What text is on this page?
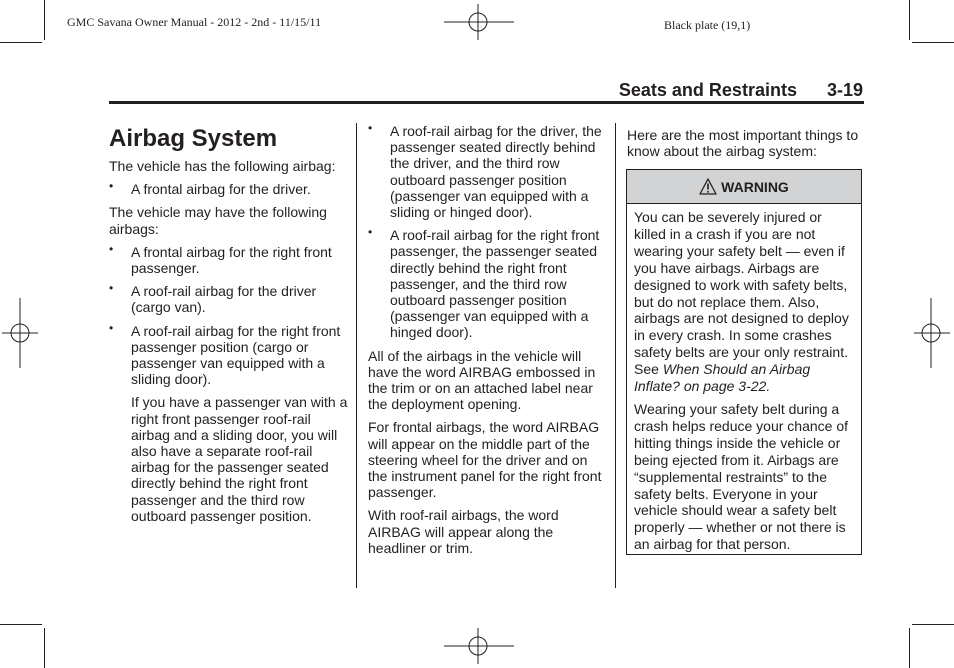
GMC Savana Owner Manual - 2012 - 2nd - 11/15/11	Black plate (19,1)
Seats and Restraints 3-19
Airbag System

The vehicle has the following airbag:

• A frontal airbag for the driver.

The vehicle may have the following airbags:

• A frontal airbag for the right front passenger.
• A roof-rail airbag for the driver (cargo van).
• A roof-rail airbag for the right front passenger position (cargo or passenger van equipped with a sliding door).
If you have a passenger van with a right front passenger roof-rail airbag and a sliding door, you will also have a separate roof-rail airbag for the passenger seated directly behind the right front passenger and the third row outboard passenger position.
• A roof-rail airbag for the driver, the passenger seated directly behind the driver, and the third row outboard passenger position (passenger van equipped with a sliding or hinged door).
• A roof-rail airbag for the right front passenger, the passenger seated directly behind the right front passenger, and the third row outboard passenger position (passenger van equipped with a hinged door).

All of the airbags in the vehicle will have the word AIRBAG embossed in the trim or on an attached label near the deployment opening.

For frontal airbags, the word AIRBAG will appear on the middle part of the steering wheel for the driver and on the instrument panel for the right front passenger.

With roof-rail airbags, the word AIRBAG will appear along the headliner or trim.

Here are the most important things to know about the airbag system:

WARNING

You can be severely injured or killed in a crash if you are not wearing your safety belt — even if you have airbags. Airbags are designed to work with safety belts, but do not replace them. Also, airbags are not designed to deploy in every crash. In some crashes safety belts are your only restraint. See When Should an Airbag Inflate? on page 3-22.

Wearing your safety belt during a crash helps reduce your chance of hitting things inside the vehicle or being ejected from it. Airbags are “supplemental restraints” to the safety belts. Everyone in your vehicle should wear a safety belt properly — whether or not there is an airbag for that person.
